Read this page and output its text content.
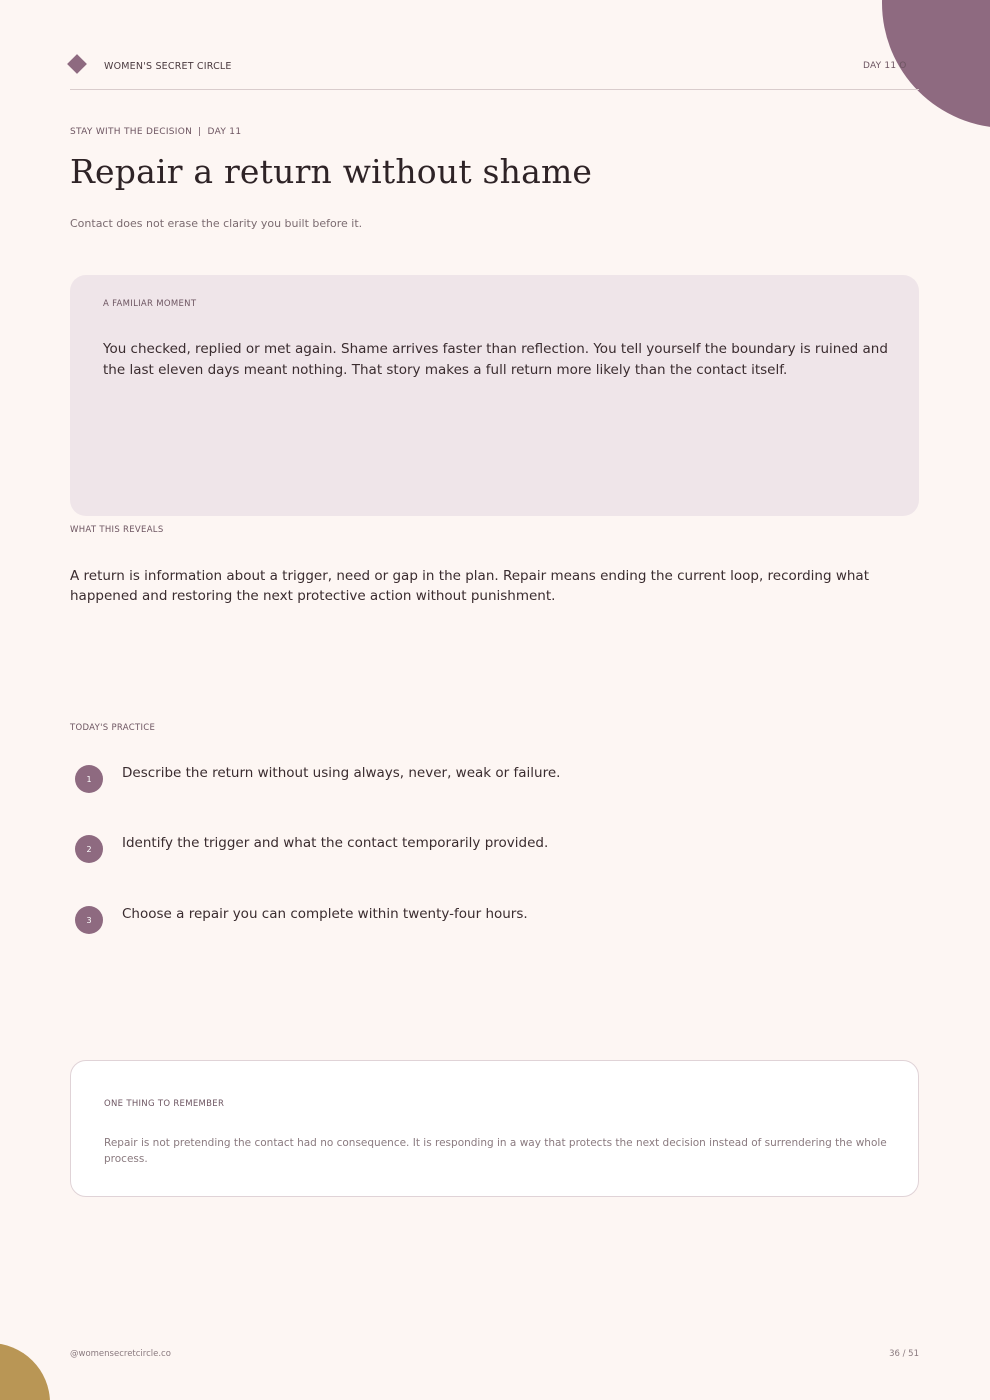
WOMEN'S SECRET CIRCLE	DAY 11 O
STAY WITH THE DECISION | DAY 11
Repair a return without shame
Contact does not erase the clarity you built before it.
A FAMILIAR MOMENT
You checked, replied or met again. Shame arrives faster than reflection. You tell yourself the boundary is ruined and the last eleven days meant nothing. That story makes a full return more likely than the contact itself.
WHAT THIS REVEALS
A return is information about a trigger, need or gap in the plan. Repair means ending the current loop, recording what happened and restoring the next protective action without punishment.
TODAY'S PRACTICE
1	Describe the return without using always, never, weak or failure.
2	Identify the trigger and what the contact temporarily provided.
3	Choose a repair you can complete within twenty-four hours.
ONE THING TO REMEMBER
Repair is not pretending the contact had no consequence. It is responding in a way that protects the next decision instead of surrendering the whole process.
@womensecretcircle.co	36 / 51
